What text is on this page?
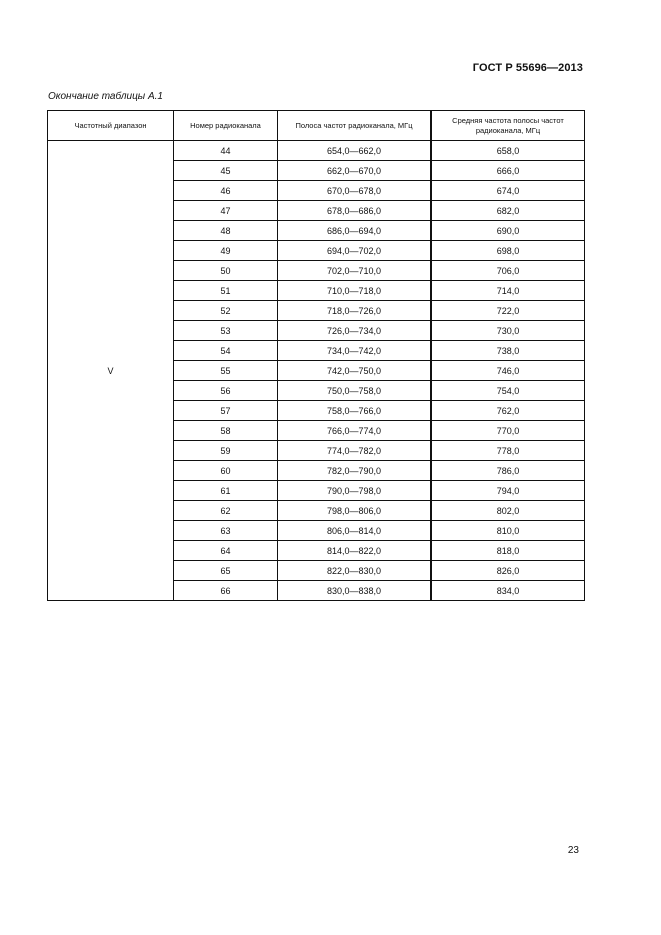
ГОСТ Р 55696—2013
Окончание таблицы А.1
Частотный диапазон	Номер радиоканала	Полоса частот радиоканала, МГц	Средняя частота полосы частот радиоканала, МГц
V	44	654,0—662,0	658,0
	45	662,0—670,0	666,0
	46	670,0—678,0	674,0
	47	678,0—686,0	682,0
	48	686,0—694,0	690,0
	49	694,0—702,0	698,0
	50	702,0—710,0	706,0
	51	710,0—718,0	714,0
	52	718,0—726,0	722,0
	53	726,0—734,0	730,0
	54	734,0—742,0	738,0
	55	742,0—750,0	746,0
	56	750,0—758,0	754,0
	57	758,0—766,0	762,0
	58	766,0—774,0	770,0
	59	774,0—782,0	778,0
	60	782,0—790,0	786,0
	61	790,0—798,0	794,0
	62	798,0—806,0	802,0
	63	806,0—814,0	810,0
	64	814,0—822,0	818,0
	65	822,0—830,0	826,0
	66	830,0—838,0	834,0
23
